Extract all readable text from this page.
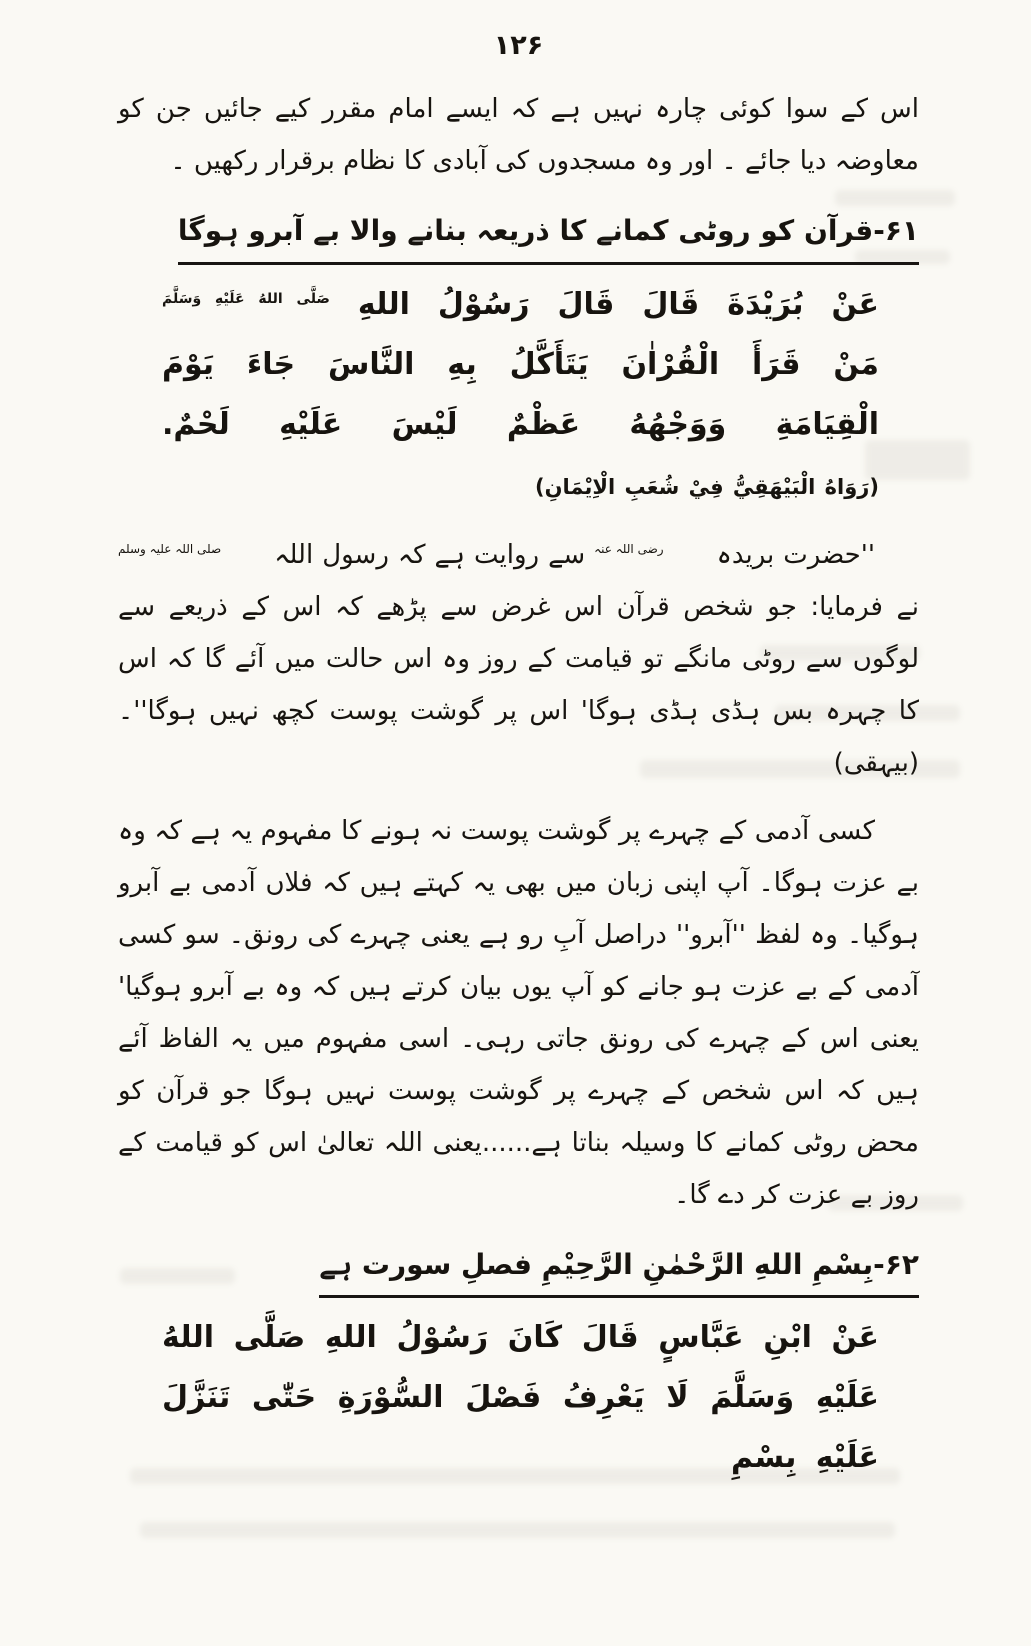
۱۲۶

اس کے سوا کوئی چارہ نہیں ہے کہ ایسے امام مقرر کیے جائیں جن کو معاوضہ دیا جائے ۔ اور وہ مسجدوں کی آبادی کا نظام برقرار رکھیں ۔

۶۱-قرآن کو روٹی کمانے کا ذریعہ بنانے والا بے آبرو ہوگا

عَنْ بُرَيْدَةَ قَالَ قَالَ رَسُوْلُ اللهِ صَلَّى اللهُ عَلَيْهِ وَسَلَّمَ مَنْ قَرَأَ الْقُرْاٰنَ يَتَأَكَّلُ بِهِ النَّاسَ جَاءَ يَوْمَ الْقِيَامَةِ وَوَجْهُهُ عَظْمٌ لَيْسَ عَلَيْهِ لَحْمٌ. (رَوَاهُ الْبَيْهَقِيُّ فِيْ شُعَبِ الْاِيْمَانِ)

''حضرت بریدہ رضی اللہ عنہ سے روایت ہے کہ رسول اللہ صلی اللہ علیہ وسلم نے فرمایا: جو شخص قرآن اس غرض سے پڑھے کہ اس کے ذریعے سے لوگوں سے روٹی مانگے تو قیامت کے روز وہ اس حالت میں آئے گا کہ اس کا چہرہ بس ہڈی ہڈی ہوگا' اس پر گوشت پوست کچھ نہیں ہوگا''۔ (بیہقی)

کسی آدمی کے چہرے پر گوشت پوست نہ ہونے کا مفہوم یہ ہے کہ وہ بے عزت ہوگا۔ آپ اپنی زبان میں بھی یہ کہتے ہیں کہ فلاں آدمی بے آبرو ہوگیا۔ وہ لفظ ''آبرو'' دراصل آبِ رو ہے یعنی چہرے کی رونق۔ سو کسی آدمی کے بے عزت ہو جانے کو آپ یوں بیان کرتے ہیں کہ وہ بے آبرو ہوگیا' یعنی اس کے چہرے کی رونق جاتی رہی۔ اسی مفہوم میں یہ الفاظ آئے ہیں کہ اس شخص کے چہرے پر گوشت پوست نہیں ہوگا جو قرآن کو محض روٹی کمانے کا وسیلہ بناتا ہے......یعنی اللہ تعالیٰ اس کو قیامت کے روز بے عزت کر دے گا۔

۶۲-بِسْمِ اللهِ الرَّحْمٰنِ الرَّحِيْمِ فصلِ سورت ہے

عَنْ ابْنِ عَبَّاسٍ قَالَ كَانَ رَسُوْلُ اللهِ صَلَّى اللهُ عَلَيْهِ وَسَلَّمَ لَا يَعْرِفُ فَصْلَ السُّوْرَةِ حَتّٰى تَنَزَّلَ عَلَيْهِ بِسْمِ
